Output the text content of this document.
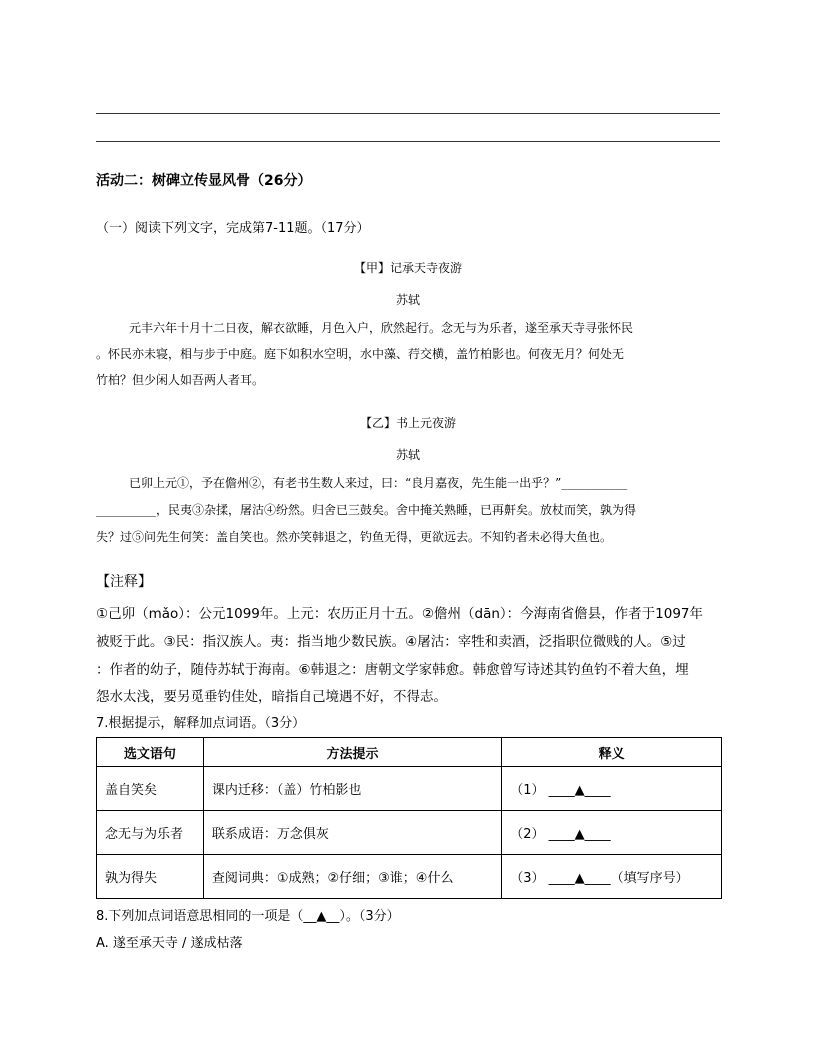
活动二：树碑立传显风骨（26分）
（一）阅读下列文字，完成第7-11题。（17分）
【甲】记承天寺夜游
苏轼
元丰六年十月十二日夜，解衣欲睡，月色入户，欣然起行。念无与为乐者，遂至承天寺寻张怀民
。怀民亦未寝，相与步于中庭。庭下如积水空明，水中藻、荇交横，盖竹柏影也。何夜无月？何处无
竹柏？但少闲人如吾两人者耳。
【乙】书上元夜游
苏轼
已卯上元①，予在儋州②，有老书生数人来过，曰：“良月嘉夜，先生能一出乎？”___________
__________，民夷③杂揉，屠沽④纷然。归舍已三鼓矣。舍中掩关熟睡，已再鼾矣。放杖而笑，孰为得
失？过⑤问先生何笑：盖自笑也。然亦笑韩退之，钓鱼无得，更欲远去。不知钓者未必得大鱼也。
【注释】
①己卯（mǎo）：公元1099年。上元：农历正月十五。②儋州（dān）：今海南省儋县，作者于1097年
被贬于此。③民：指汉族人。夷：指当地少数民族。④屠沽：宰牲和卖酒，泛指职位微贱的人。⑤过
：作者的幼子，随侍苏轼于海南。⑥韩退之：唐朝文学家韩愈。韩愈曾写诗述其钓鱼钓不着大鱼，埋
怨水太浅，要另觅垂钓佳处，暗指自己境遇不好，不得志。
7.根据提示，解释加点词语。（3分）
选文语句	方法提示	释义
盖自笑矣	课内迁移：（盖）竹柏影也	（1） ____▲____
念无与为乐者	联系成语：万念俱灰	（2） ____▲____
孰为得失	查阅词典：①成熟；②仔细；③谁；④什么	（3） ____▲____（填写序号）
8.下列加点词语意思相同的一项是（__▲__）。（3分）
A. 遂至承天寺 / 遂成枯落
